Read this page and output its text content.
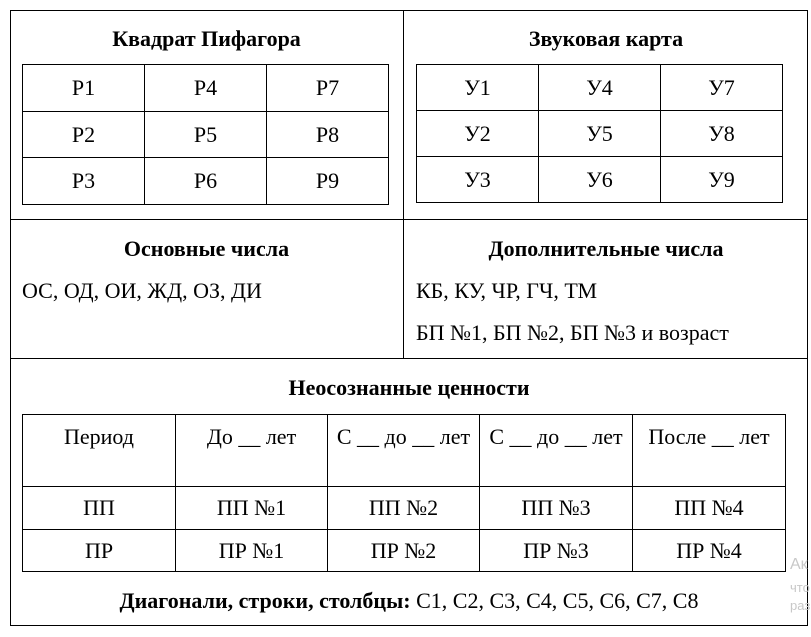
Квадрат Пифагора
Р1	Р4	Р7
Р2	Р5	Р8
Р3	Р6	Р9
Звуковая карта
У1	У4	У7
У2	У5	У8
У3	У6	У9
Основные числа
ОС, ОД, ОИ, ЖД, ОЗ, ДИ
Дополнительные числа
КБ, КУ, ЧР, ГЧ, ТМ
БП №1, БП №2, БП №3 и возраст
Неосознанные ценности
Период	До __ лет	С __ до __ лет	С __ до __ лет	После __ лет
ПП	ПП №1	ПП №2	ПП №3	ПП №4
ПР	ПР №1	ПР №2	ПР №3	ПР №4
Диагонали, строки, столбцы: С1, С2, С3, С4, С5, С6, С7, С8
Ак
что
раз
